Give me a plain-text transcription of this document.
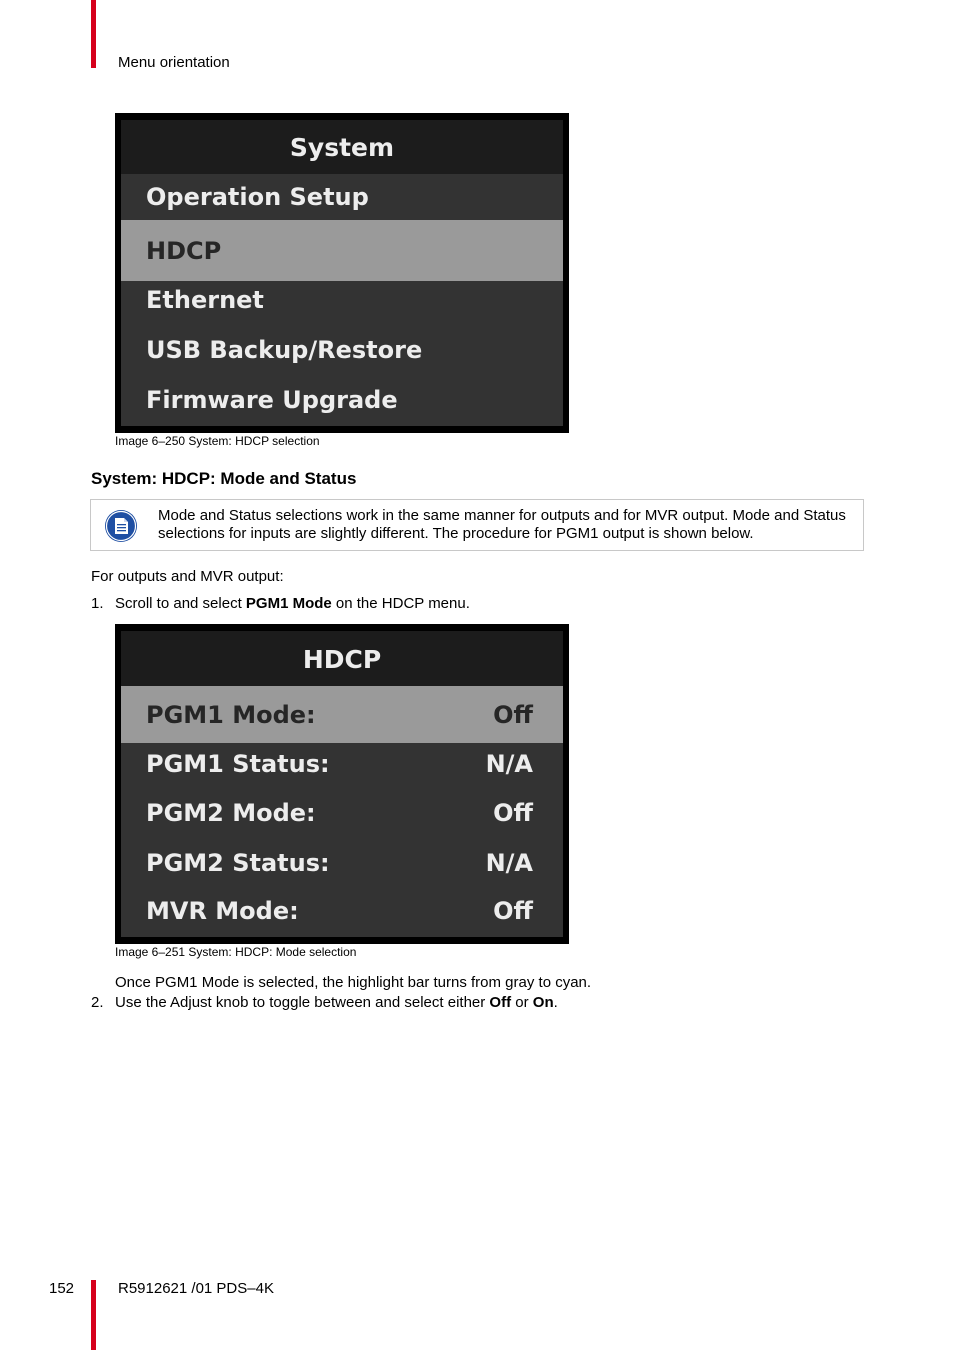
Menu orientation
System
Operation Setup
HDCP
Ethernet
USB Backup/Restore
Firmware Upgrade
Image 6–250 System: HDCP selection
System: HDCP: Mode and Status
Mode and Status selections work in the same manner for outputs and for MVR output. Mode and Status selections for inputs are slightly different. The procedure for PGM1 output is shown below.
For outputs and MVR output:
1. Scroll to and select PGM1 Mode on the HDCP menu.
HDCP
PGM1 Mode:	Off
PGM1 Status:	N/A
PGM2 Mode:	Off
PGM2 Status:	N/A
MVR Mode:	Off
Image 6–251 System: HDCP: Mode selection
Once PGM1 Mode is selected, the highlight bar turns from gray to cyan.
2. Use the Adjust knob to toggle between and select either Off or On.
152	R5912621 /01 PDS–4K
